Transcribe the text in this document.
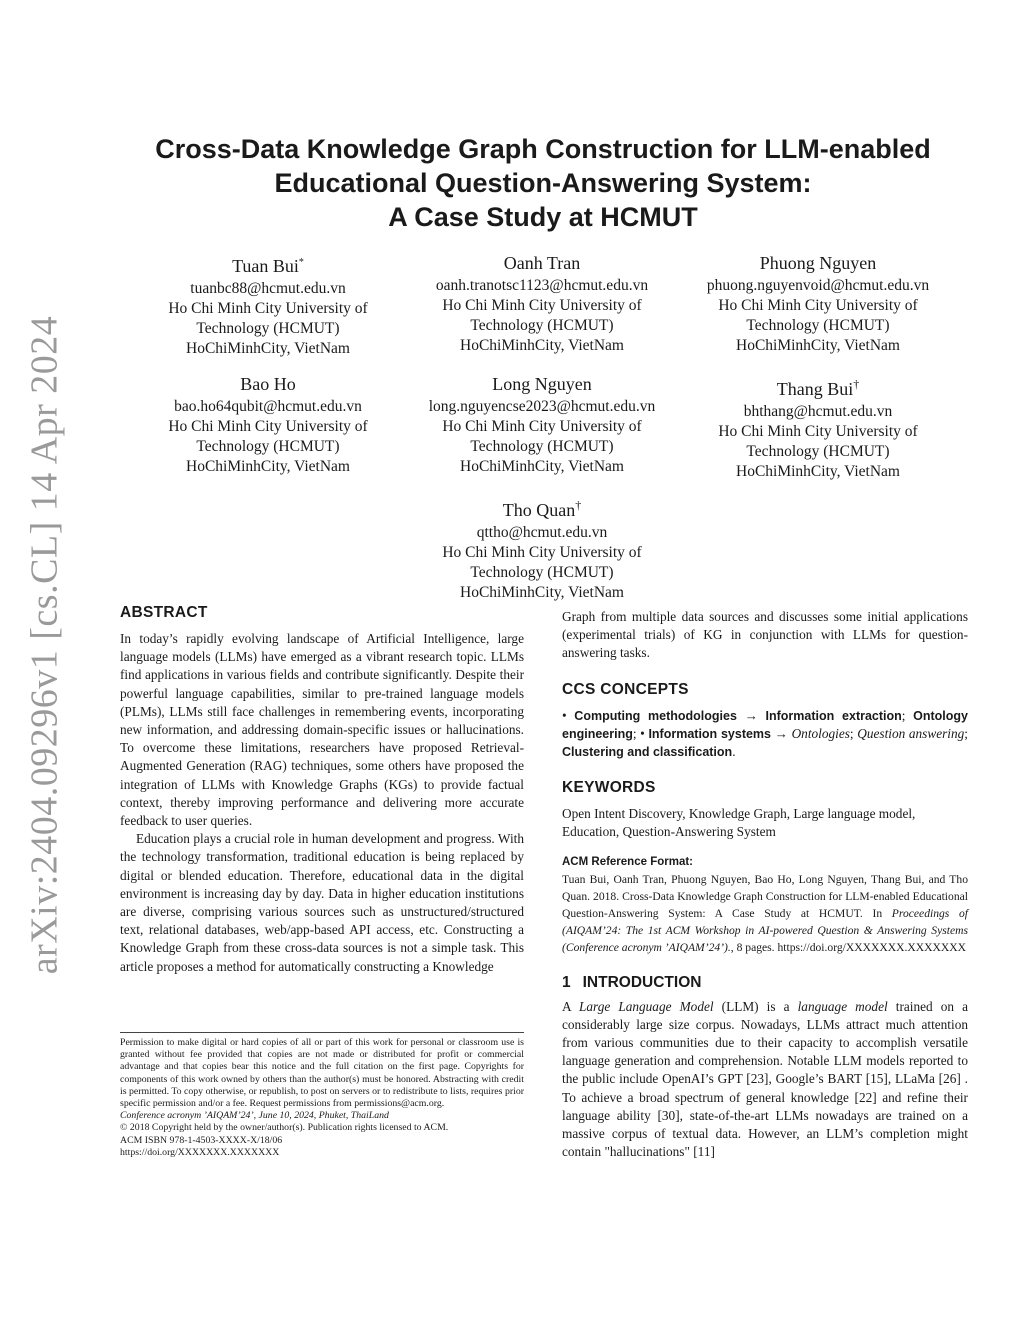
arXiv:2404.09296v1 [cs.CL] 14 Apr 2024
Cross-Data Knowledge Graph Construction for LLM-enabled
Educational Question-Answering System:
A Case Study at HCMUT
Tuan Bui*
tuanbc88@hcmut.edu.vn
Ho Chi Minh City University of
Technology (HCMUT)
HoChiMinhCity, VietNam
Oanh Tran
oanh.tranotsc1123@hcmut.edu.vn
Ho Chi Minh City University of
Technology (HCMUT)
HoChiMinhCity, VietNam
Phuong Nguyen
phuong.nguyenvoid@hcmut.edu.vn
Ho Chi Minh City University of
Technology (HCMUT)
HoChiMinhCity, VietNam
Bao Ho
bao.ho64qubit@hcmut.edu.vn
Ho Chi Minh City University of
Technology (HCMUT)
HoChiMinhCity, VietNam
Long Nguyen
long.nguyencse2023@hcmut.edu.vn
Ho Chi Minh City University of
Technology (HCMUT)
HoChiMinhCity, VietNam
Thang Bui†
bhthang@hcmut.edu.vn
Ho Chi Minh City University of
Technology (HCMUT)
HoChiMinhCity, VietNam
Tho Quan†
qttho@hcmut.edu.vn
Ho Chi Minh City University of
Technology (HCMUT)
HoChiMinhCity, VietNam
ABSTRACT

In today’s rapidly evolving landscape of Artificial Intelligence, large language models (LLMs) have emerged as a vibrant research topic. LLMs find applications in various fields and contribute significantly. Despite their powerful language capabilities, similar to pre-trained language models (PLMs), LLMs still face challenges in remembering events, incorporating new information, and addressing domain-specific issues or hallucinations. To overcome these limitations, researchers have proposed Retrieval-Augmented Generation (RAG) techniques, some others have proposed the integration of LLMs with Knowledge Graphs (KGs) to provide factual context, thereby improving performance and delivering more accurate feedback to user queries.

Education plays a crucial role in human development and progress. With the technology transformation, traditional education is being replaced by digital or blended education. Therefore, educational data in the digital environment is increasing day by day. Data in higher education institutions are diverse, comprising various sources such as unstructured/structured text, relational databases, web/app-based API access, etc. Constructing a Knowledge Graph from these cross-data sources is not a simple task. This article proposes a method for automatically constructing a Knowledge

Graph from multiple data sources and discusses some initial applications (experimental trials) of KG in conjunction with LLMs for question-answering tasks.

CCS CONCEPTS

• Computing methodologies → Information extraction; Ontology engineering; • Information systems → Ontologies; Question answering; Clustering and classification.

KEYWORDS

Open Intent Discovery, Knowledge Graph, Large language model, Education, Question-Answering System

ACM Reference Format:

Tuan Bui, Oanh Tran, Phuong Nguyen, Bao Ho, Long Nguyen, Thang Bui, and Tho Quan. 2018. Cross-Data Knowledge Graph Construction for LLM-enabled Educational Question-Answering System: A Case Study at HCMUT. In Proceedings of (AIQAM’24: The 1st ACM Workshop in AI-powered Question & Answering Systems (Conference acronym ’AIQAM’24’)., 8 pages. https://doi.org/XXXXXXX.XXXXXXX

1 INTRODUCTION

A Large Language Model (LLM) is a language model trained on a considerably large size corpus. Nowadays, LLMs attract much attention from various communities due to their capacity to accomplish versatile language generation and comprehension. Notable LLM models reported to the public include OpenAI’s GPT [23], Google’s BART [15], LLaMa [26] . To achieve a broad spectrum of general knowledge [22] and refine their language ability [30], state-of-the-art LLMs nowadays are trained on a massive corpus of textual data. However, an LLM’s completion might contain "hallucinations" [11]

Permission to make digital or hard copies of all or part of this work for personal or classroom use is granted without fee provided that copies are not made or distributed for profit or commercial advantage and that copies bear this notice and the full citation on the first page. Copyrights for components of this work owned by others than the author(s) must be honored. Abstracting with credit is permitted. To copy otherwise, or republish, to post on servers or to redistribute to lists, requires prior specific permission and/or a fee. Request permissions from permissions@acm.org.

Conference acronym ’AIQAM’24’, June 10, 2024, Phuket, ThaiLand

© 2018 Copyright held by the owner/author(s). Publication rights licensed to ACM.

ACM ISBN 978-1-4503-XXXX-X/18/06

https://doi.org/XXXXXXX.XXXXXXX
